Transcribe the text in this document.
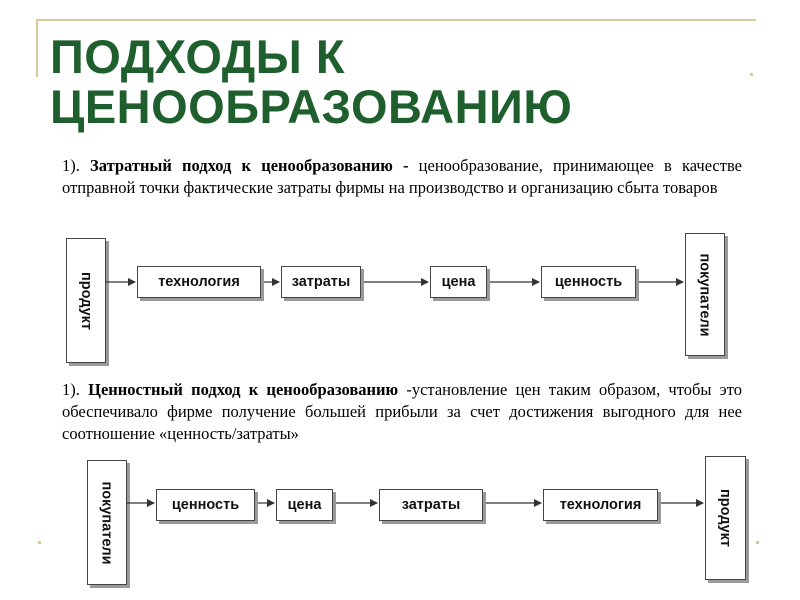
ПОДХОДЫ К
ЦЕНООБРАЗОВАНИЮ

1). Затратный подход к ценообразованию - ценообразование, принимающее в качестве отправной точки фактические затраты фирмы на производство и организацию сбыта товаров

продукт	технология	затраты	цена	ценность	покупатели

1). Ценностный подход к ценообразованию -установление цен таким образом, чтобы это обеспечивало фирме получение большей прибыли за счет достижения выгодного для нее соотношение «ценность/затраты»

покупатели	ценность	цена	затраты	технология	продукт
